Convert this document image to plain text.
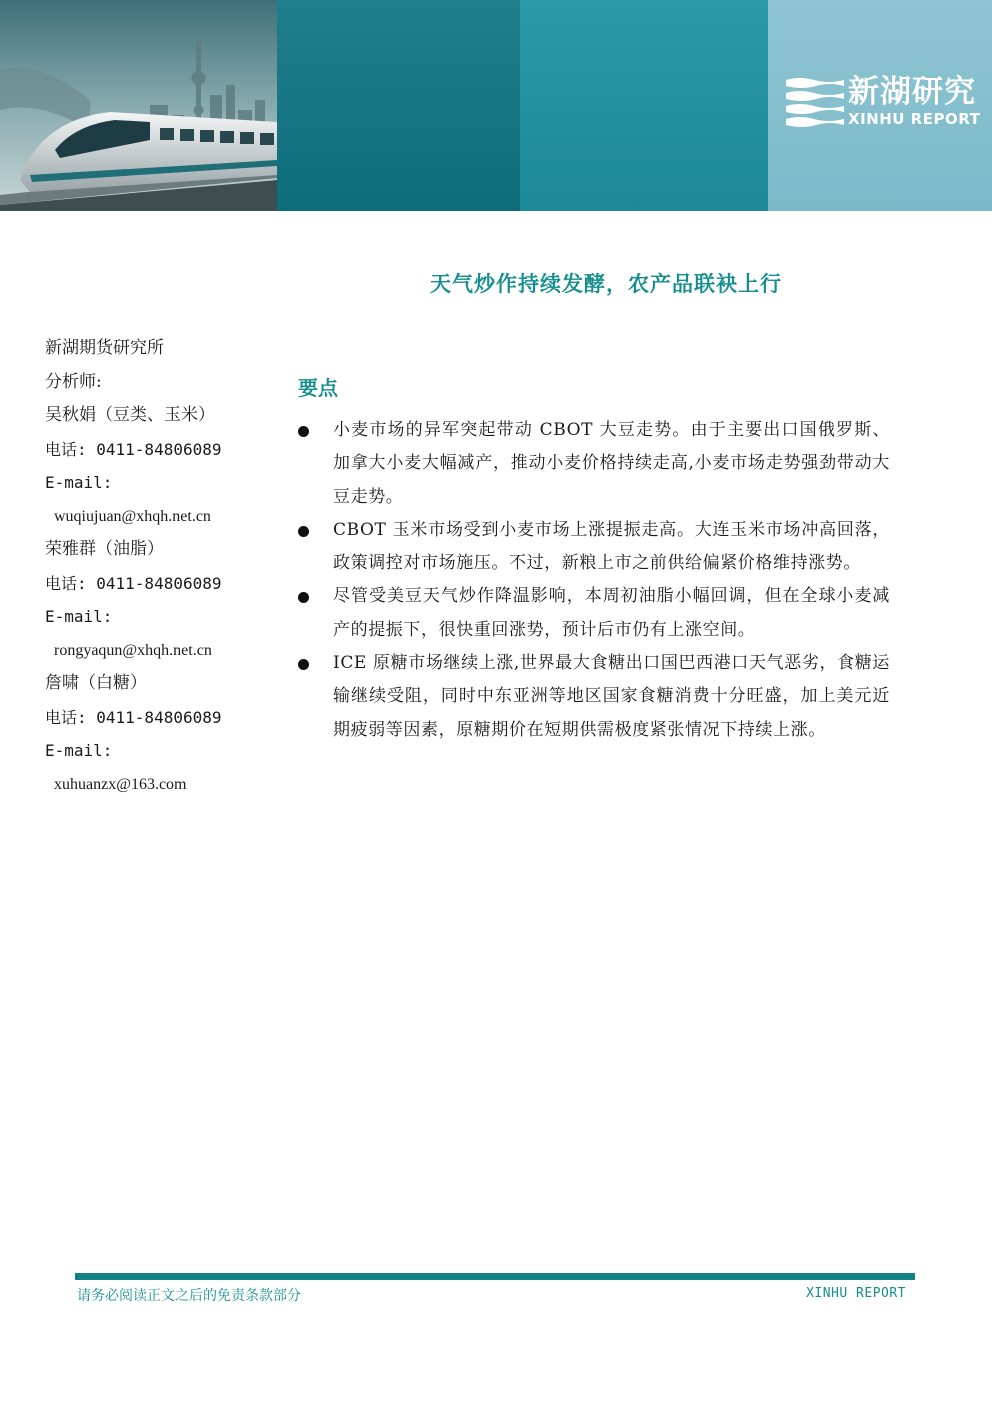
新湖研究
XINHU REPORT
天气炒作持续发酵，农产品联袂上行
新湖期货研究所
分析师:
吴秋娟（豆类、玉米）
电话: 0411-84806089
E-mail:
wuqiujuan@xhqh.net.cn
荣雅群（油脂）
电话: 0411-84806089
E-mail:
rongyaqun@xhqh.net.cn
詹啸（白糖）
电话: 0411-84806089
E-mail:
xuhuanzx@163.com
要点
小麦市场的异军突起带动 CBOT 大豆走势。由于主要出口国俄罗斯、加拿大小麦大幅减产，推动小麦价格持续走高,小麦市场走势强劲带动大豆走势。
CBOT 玉米市场受到小麦市场上涨提振走高。大连玉米市场冲高回落，政策调控对市场施压。不过，新粮上市之前供给偏紧价格维持涨势。
尽管受美豆天气炒作降温影响，本周初油脂小幅回调，但在全球小麦减产的提振下，很快重回涨势，预计后市仍有上涨空间。
ICE 原糖市场继续上涨,世界最大食糖出口国巴西港口天气恶劣，食糖运输继续受阻，同时中东亚洲等地区国家食糖消费十分旺盛，加上美元近期疲弱等因素，原糖期价在短期供需极度紧张情况下持续上涨。
请务必阅读正文之后的免责条款部分	XINHU REPORT
